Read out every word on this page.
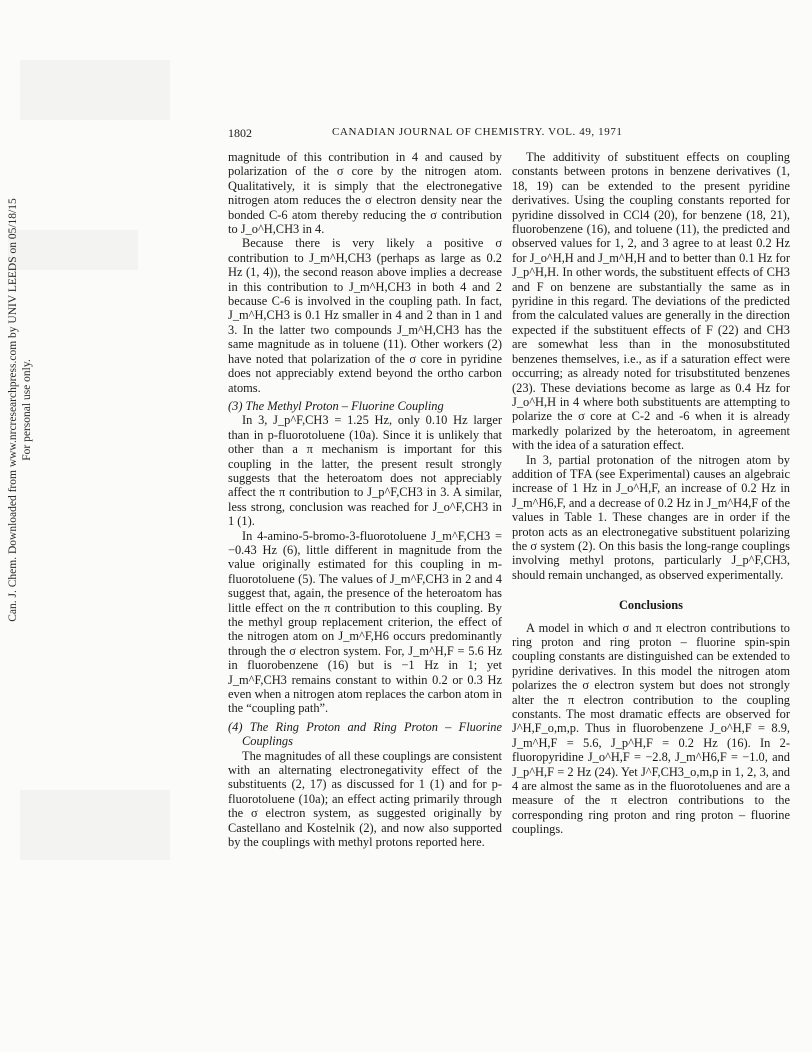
Can. J. Chem. Downloaded from www.nrcresearchpress.com by UNIV LEEDS on 05/18/15 For personal use only.
1802	CANADIAN JOURNAL OF CHEMISTRY. VOL. 49, 1971

magnitude of this contribution in 4 and caused by polarization of the σ core by the nitrogen atom. Qualitatively, it is simply that the electronegative nitrogen atom reduces the σ electron density near the bonded C-6 atom thereby reducing the σ contribution to J_o^H,CH3 in 4.

Because there is very likely a positive σ contribution to J_m^H,CH3 (perhaps as large as 0.2 Hz (1, 4)), the second reason above implies a decrease in this contribution to J_m^H,CH3 in both 4 and 2 because C-6 is involved in the coupling path. In fact, J_m^H,CH3 is 0.1 Hz smaller in 4 and 2 than in 1 and 3. In the latter two compounds J_m^H,CH3 has the same magnitude as in toluene (11). Other workers (2) have noted that polarization of the σ core in pyridine does not appreciably extend beyond the ortho carbon atoms.

(3) The Methyl Proton – Fluorine Coupling

In 3, J_p^F,CH3 = 1.25 Hz, only 0.10 Hz larger than in p-fluorotoluene (10a). Since it is unlikely that other than a π mechanism is important for this coupling in the latter, the present result strongly suggests that the heteroatom does not appreciably affect the π contribution to J_p^F,CH3 in 3. A similar, less strong, conclusion was reached for J_o^F,CH3 in 1 (1).

In 4-amino-5-bromo-3-fluorotoluene J_m^F,CH3 = −0.43 Hz (6), little different in magnitude from the value originally estimated for this coupling in m-fluorotoluene (5). The values of J_m^F,CH3 in 2 and 4 suggest that, again, the presence of the heteroatom has little effect on the π contribution to this coupling. By the methyl group replacement criterion, the effect of the nitrogen atom on J_m^F,H6 occurs predominantly through the σ electron system. For, J_m^H,F = 5.6 Hz in fluorobenzene (16) but is −1 Hz in 1; yet J_m^F,CH3 remains constant to within 0.2 or 0.3 Hz even when a nitrogen atom replaces the carbon atom in the “coupling path”.

(4) The Ring Proton and Ring Proton – Fluorine Couplings

The magnitudes of all these couplings are consistent with an alternating electronegativity effect of the substituents (2, 17) as discussed for 1 (1) and for p-fluorotoluene (10a); an effect acting primarily through the σ electron system, as suggested originally by Castellano and Kostelnik (2), and now also supported by the couplings with methyl protons reported here.

The additivity of substituent effects on coupling constants between protons in benzene derivatives (1, 18, 19) can be extended to the present pyridine derivatives. Using the coupling constants reported for pyridine dissolved in CCl4 (20), for benzene (18, 21), fluorobenzene (16), and toluene (11), the predicted and observed values for 1, 2, and 3 agree to at least 0.2 Hz for J_o^H,H and J_m^H,H and to better than 0.1 Hz for J_p^H,H. In other words, the substituent effects of CH3 and F on benzene are substantially the same as in pyridine in this regard. The deviations of the predicted from the calculated values are generally in the direction expected if the substituent effects of F (22) and CH3 are somewhat less than in the monosubstituted benzenes themselves, i.e., as if a saturation effect were occurring; as already noted for trisubstituted benzenes (23). These deviations become as large as 0.4 Hz for J_o^H,H in 4 where both substituents are attempting to polarize the σ core at C-2 and -6 when it is already markedly polarized by the heteroatom, in agreement with the idea of a saturation effect.

In 3, partial protonation of the nitrogen atom by addition of TFA (see Experimental) causes an algebraic increase of 1 Hz in J_o^H,F, an increase of 0.2 Hz in J_m^H6,F, and a decrease of 0.2 Hz in J_m^H4,F of the values in Table 1. These changes are in order if the proton acts as an electronegative substituent polarizing the σ system (2). On this basis the long-range couplings involving methyl protons, particularly J_p^F,CH3, should remain unchanged, as observed experimentally.

Conclusions

A model in which σ and π electron contributions to ring proton and ring proton – fluorine spin-spin coupling constants are distinguished can be extended to pyridine derivatives. In this model the nitrogen atom polarizes the σ electron system but does not strongly alter the π electron contribution to the coupling constants. The most dramatic effects are observed for J^H,F_o,m,p. Thus in fluorobenzene J_o^H,F = 8.9, J_m^H,F = 5.6, J_p^H,F = 0.2 Hz (16). In 2-fluoropyridine J_o^H,F = −2.8, J_m^H6,F = −1.0, and J_p^H,F = 2 Hz (24). Yet J^F,CH3_o,m,p in 1, 2, 3, and 4 are almost the same as in the fluorotoluenes and are a measure of the π electron contributions to the corresponding ring proton and ring proton – fluorine couplings.
